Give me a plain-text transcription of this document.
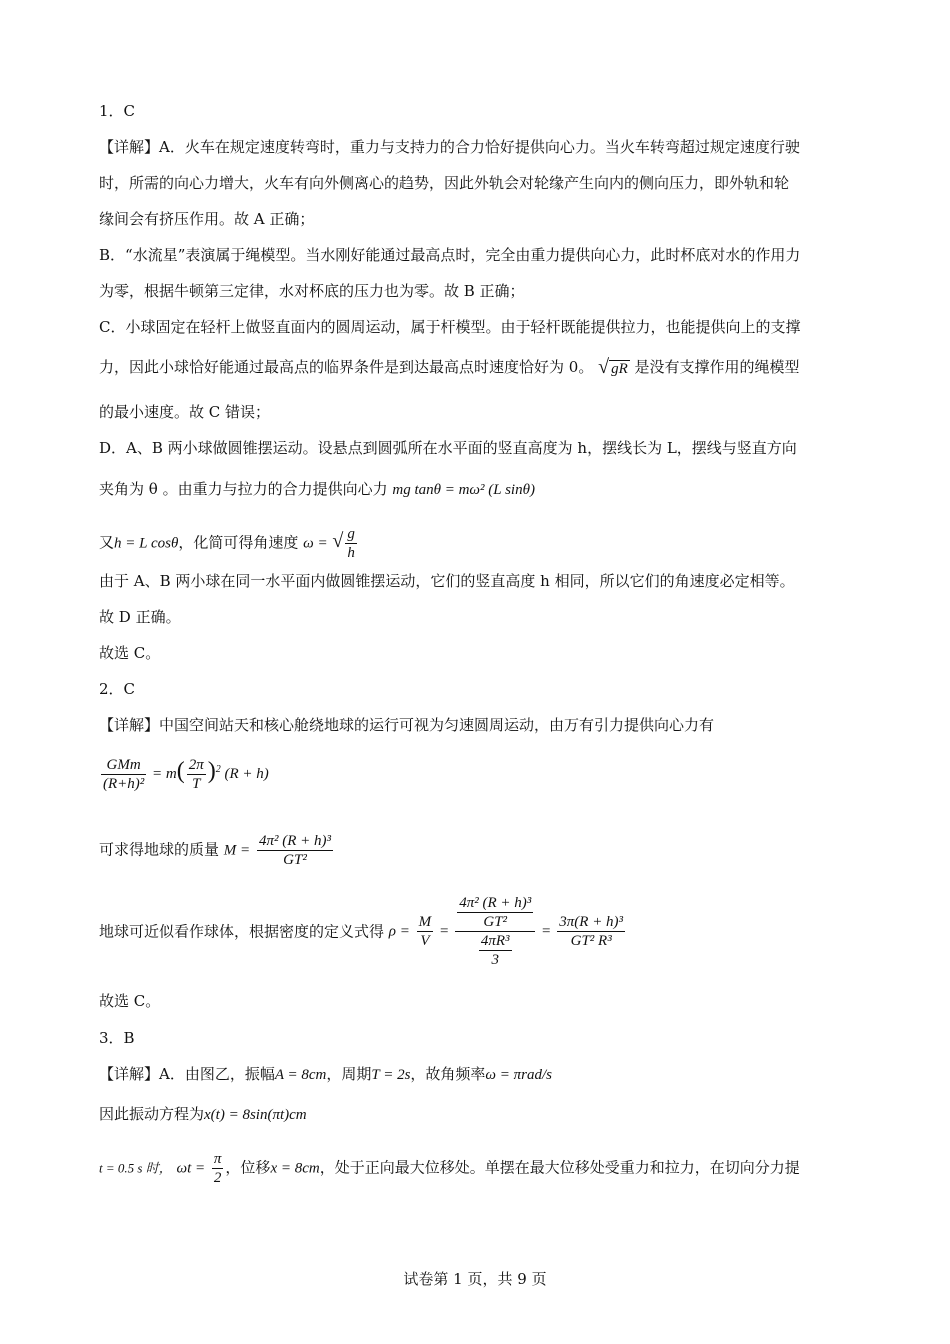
1．C
【详解】A．火车在规定速度转弯时，重力与支持力的合力恰好提供向心力。当火车转弯超过规定速度行驶
时，所需的向心力增大，火车有向外侧离心的趋势，因此外轨会对轮缘产生向内的侧向压力，即外轨和轮
缘间会有挤压作用。故 A 正确；
B．“水流星”表演属于绳模型。当水刚好能通过最高点时，完全由重力提供向心力，此时杯底对水的作用力
为零，根据牛顿第三定律，水对杯底的压力也为零。故 B 正确；
C．小球固定在轻杆上做竖直面内的圆周运动，属于杆模型。由于轻杆既能提供拉力，也能提供向上的支撑
力，因此小球恰好能通过最高点的临界条件是到达最高点时速度恰好为 0。 √ gR 是没有支撑作用的绳模型
的最小速度。故 C 错误；
D．A、B 两小球做圆锥摆运动。设悬点到圆弧所在水平面的竖直高度为 h，摆线长为 L，摆线与竖直方向
夹角为 θ 。由重力与拉力的合力提供向心力 mg tanθ = mω² (L sinθ)
又h = L cosθ，化简可得角速度 ω = √ $\frac{g}{h}$
由于 A、B 两小球在同一水平面内做圆锥摆运动，它们的竖直高度 h 相同，所以它们的角速度必定相等。
故 D 正确。
故选 C。
2．C
【详解】中国空间站天和核心舱绕地球的运行可视为匀速圆周运动，由万有引力提供向心力有
$\frac{\text{GMm}}{\text{(R+h)²}} = m( \frac{2\pi}{T} )^2$ (R + h)
可求得地球的质量 $M = \frac{\text{4π² (R + h)³}}{\text{GT²}}$
地球可近似看作球体，根据密度的定义式得 $\rho = \frac{M}{V} = \frac{\frac{\text{4π² (R + h)³}}{\text{GT²}}}{\frac{\text{4πR³}}{3}} = \frac{\text{3π(R + h)³}}{\text{GT² R³}}$
故选 C。
3．B
【详解】A．由图乙，振幅A = 8cm，周期T = 2s，故角频率ω = πrad/s
因此振动方程为x(t) = 8sin(πt)cm
t = 0.5 s 时， $\omega t = \frac{\pi}{2}$ ，位移x = 8cm，处于正向最大位移处。单摆在最大位移处受重力和拉力，在切向分力提
试卷第 1 页，共 9 页
